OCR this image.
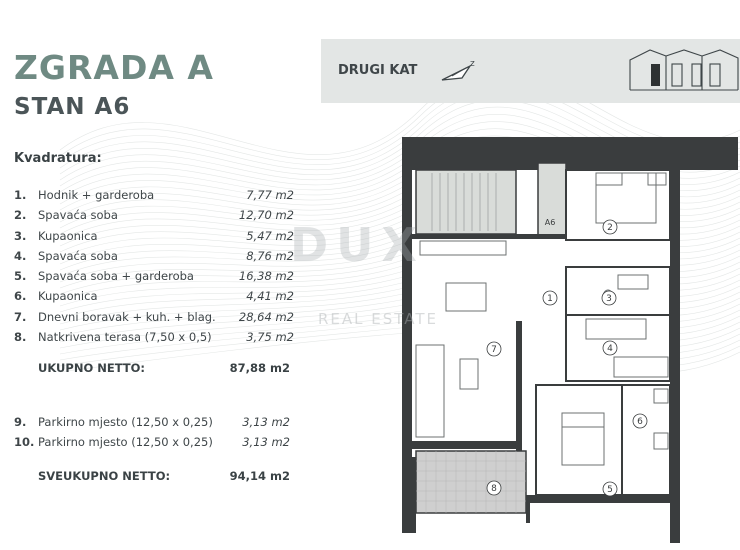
ZGRADA A
STAN A6
DRUGI KAT	z
Kvadratura:
1. Hodnik + garderoba	7,77 m2
2. Spavaća soba	12,70 m2
3. Kupaonica	5,47 m2
4. Spavaća soba	8,76 m2
5. Spavaća soba + garderoba	16,38 m2
6. Kupaonica	4,41 m2
7. Dnevni boravak + kuh. + blag. 28,64 m2
8. Natkrivena terasa (7,50 x 0,5)	3,75 m2
UKUPNO NETTO:	87,88 m2
9. Parkirno mjesto (12,50 x 0,25)	3,13 m2
10. Parkirno mjesto (12,50 x 0,25)	3,13 m2
SVEUKUPNO NETTO:	94,14 m2
A6
1
2
3
4
5
6
7
8
DUX
REAL ESTATE
